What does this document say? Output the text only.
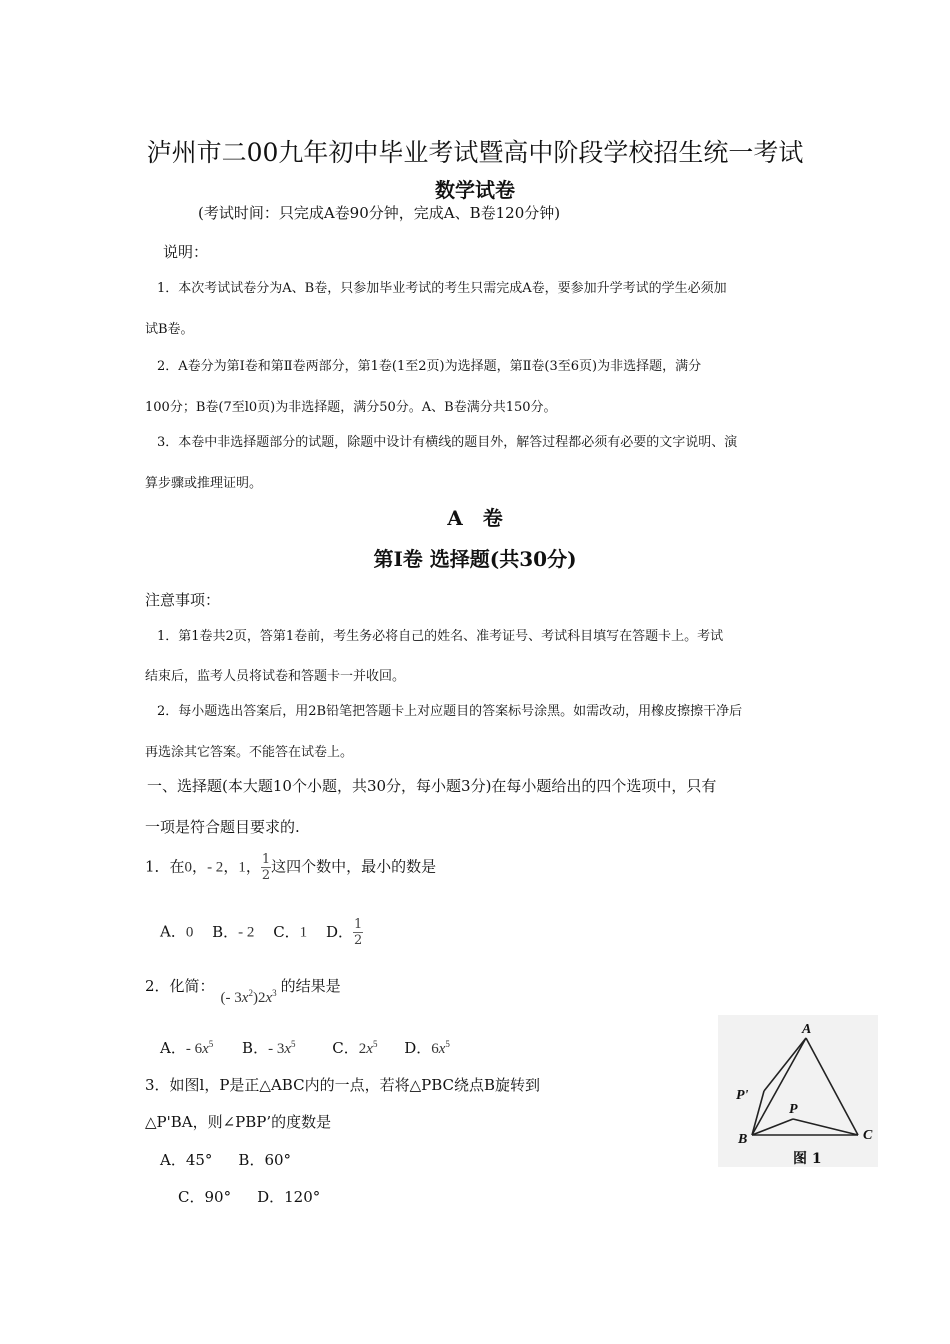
泸州市二00九年初中毕业考试暨高中阶段学校招生统一考试
数学试卷
(考试时间：只完成A卷90分钟，完成A、B卷120分钟)
说明：
1．本次考试试卷分为A、B卷，只参加毕业考试的考生只需完成A卷，要参加升学考试的学生必须加
试B卷。
2．A卷分为第Ⅰ卷和第Ⅱ卷两部分，第1卷(1至2页)为选择题，第Ⅱ卷(3至6页)为非选择题，满分
100分；B卷(7至l0页)为非选择题，满分50分。A、B卷满分共150分。
3．本卷中非选择题部分的试题，除题中设计有横线的题目外，解答过程都必须有必要的文字说明、演
算步骤或推理证明。
A　卷
第Ⅰ卷 选择题(共30分)
注意事项：
1．第1卷共2页，答第1卷前，考生务必将自己的姓名、准考证号、考试科目填写在答题卡上。考试
结束后，监考人员将试卷和答题卡一并收回。
2．每小题选出答案后，用2B铅笔把答题卡上对应题目的答案标号涂黑。如需改动，用橡皮擦擦干净后
再选涂其它答案。不能答在试卷上。
一、选择题(本大题10个小题，共30分，每小题3分)在每小题给出的四个选项中，只有
一项是符合题目要求的.
1．在0，- 2，1， $\frac{1}{2}$ 这四个数中，最小的数是
A．0 B．- 2 C．1 D． $\frac{1}{2}$
2．化简：(- $3x^2)2x^3$ 的结果是
A．- $6x^5$ B．- $3x^5$ C．$2x^5$ D．$6x^5$
3．如图l，P是正△ABC内的一点，若将△PBC绕点B旋转到
△P'BA，则∠PBP’的度数是
A．45° B．60°
C．90° D．120°
A
B	C
P
P'
图 1
